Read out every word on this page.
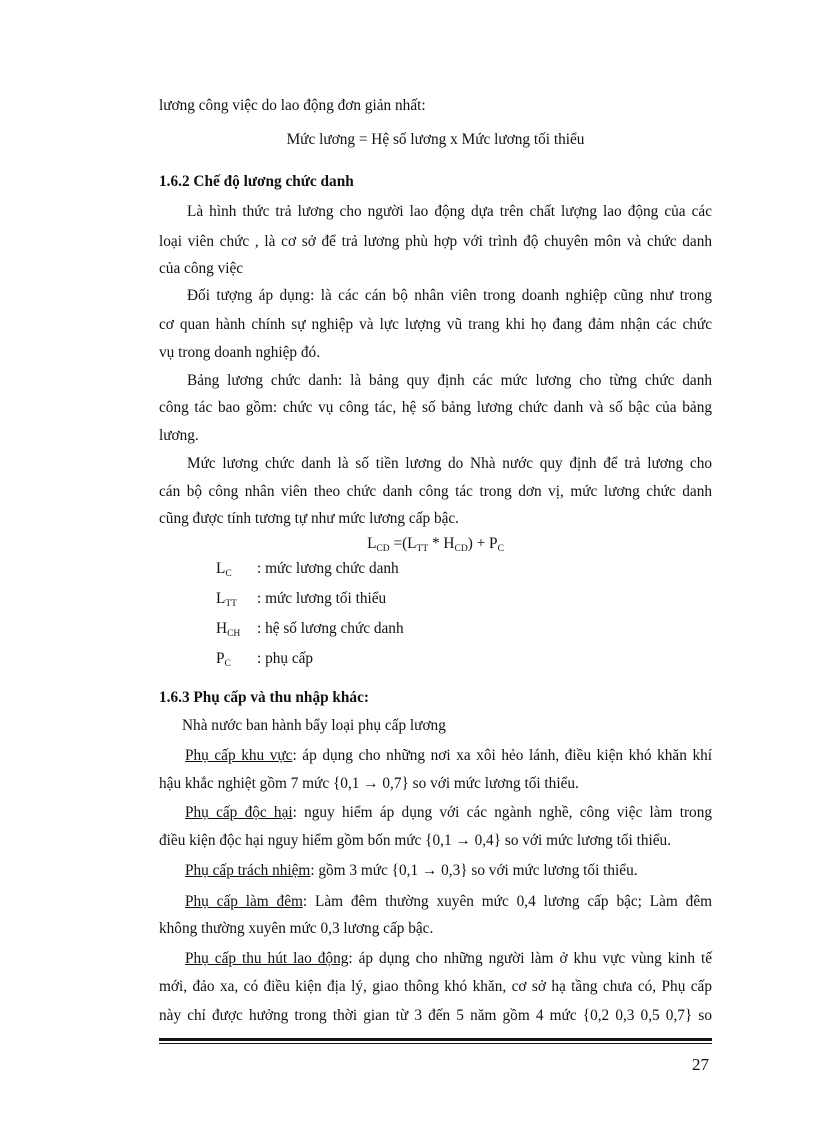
lương công việc do lao động đơn giản nhất:
Mức lương = Hệ số lương x Mức lương tối thiểu
1.6.2 Chế độ lương chức danh
Là hình thức trả lương cho người lao động dựa trên chất lượng lao động của các
loại viên chức , là cơ sở để trả lương phù hợp với trình độ chuyên môn và chức danh
của công việc
Đối tượng áp dụng: là các cán bộ nhân viên trong doanh nghiệp cũng như trong
cơ quan hành chính sự nghiệp và lực lượng vũ trang khi họ đang đảm nhận các chức
vụ trong doanh nghiệp đó.
Bảng lương chức danh: là bảng quy định các mức lương cho từng chức danh
công tác bao gồm: chức vụ công tác, hệ số bảng lương chức danh và số bậc của bảng
lương.
Mức lương chức danh là số tiền lương do Nhà nước quy định để trả lương cho
cán bộ công nhân viên theo chức danh công tác trong dơn vị, mức lương chức danh
cũng được tính tương tự như mức lương cấp bậc.
$L_{CD} =(L_{TT} * H_{CD}) + P_C$
$L_C$ : mức lương chức danh
$L_{TT}$ : mức lương tối thiểu
$H_{CH}$ : hệ số lương chức danh
$P_C$ : phụ cấp
1.6.3 Phụ cấp và thu nhập khác:
Nhà nước ban hành bẩy loại phụ cấp lương
Phụ cấp khu vực: áp dụng cho những nơi xa xôi hẻo lánh, điều kiện khó khăn khí
hậu khắc nghiệt gồm 7 mức {0,1 → 0,7} so với mức lương tối thiểu.
Phụ cấp độc hại: nguy hiểm áp dụng với các ngành nghề, công việc làm trong
điều kiện độc hại nguy hiểm gồm bốn mức {0,1 → 0,4} so với mức lương tối thiểu.
Phụ cấp trách nhiệm: gồm 3 mức {0,1 → 0,3} so với mức lương tối thiểu.
Phụ cấp làm đêm: Làm đêm thường xuyên mức 0,4 lương cấp bậc; Làm đêm
không thường xuyên mức 0,3 lương cấp bậc.
Phụ cấp thu hút lao động: áp dụng cho những người làm ở khu vực vùng kinh tế
mới, đảo xa, có điều kiện địa lý, giao thông khó khăn, cơ sở hạ tầng chưa có, Phụ cấp
này chỉ được hưởng trong thời gian từ 3 đến 5 năm gồm 4 mức {0,2 0,3 0,5 0,7} so
27
